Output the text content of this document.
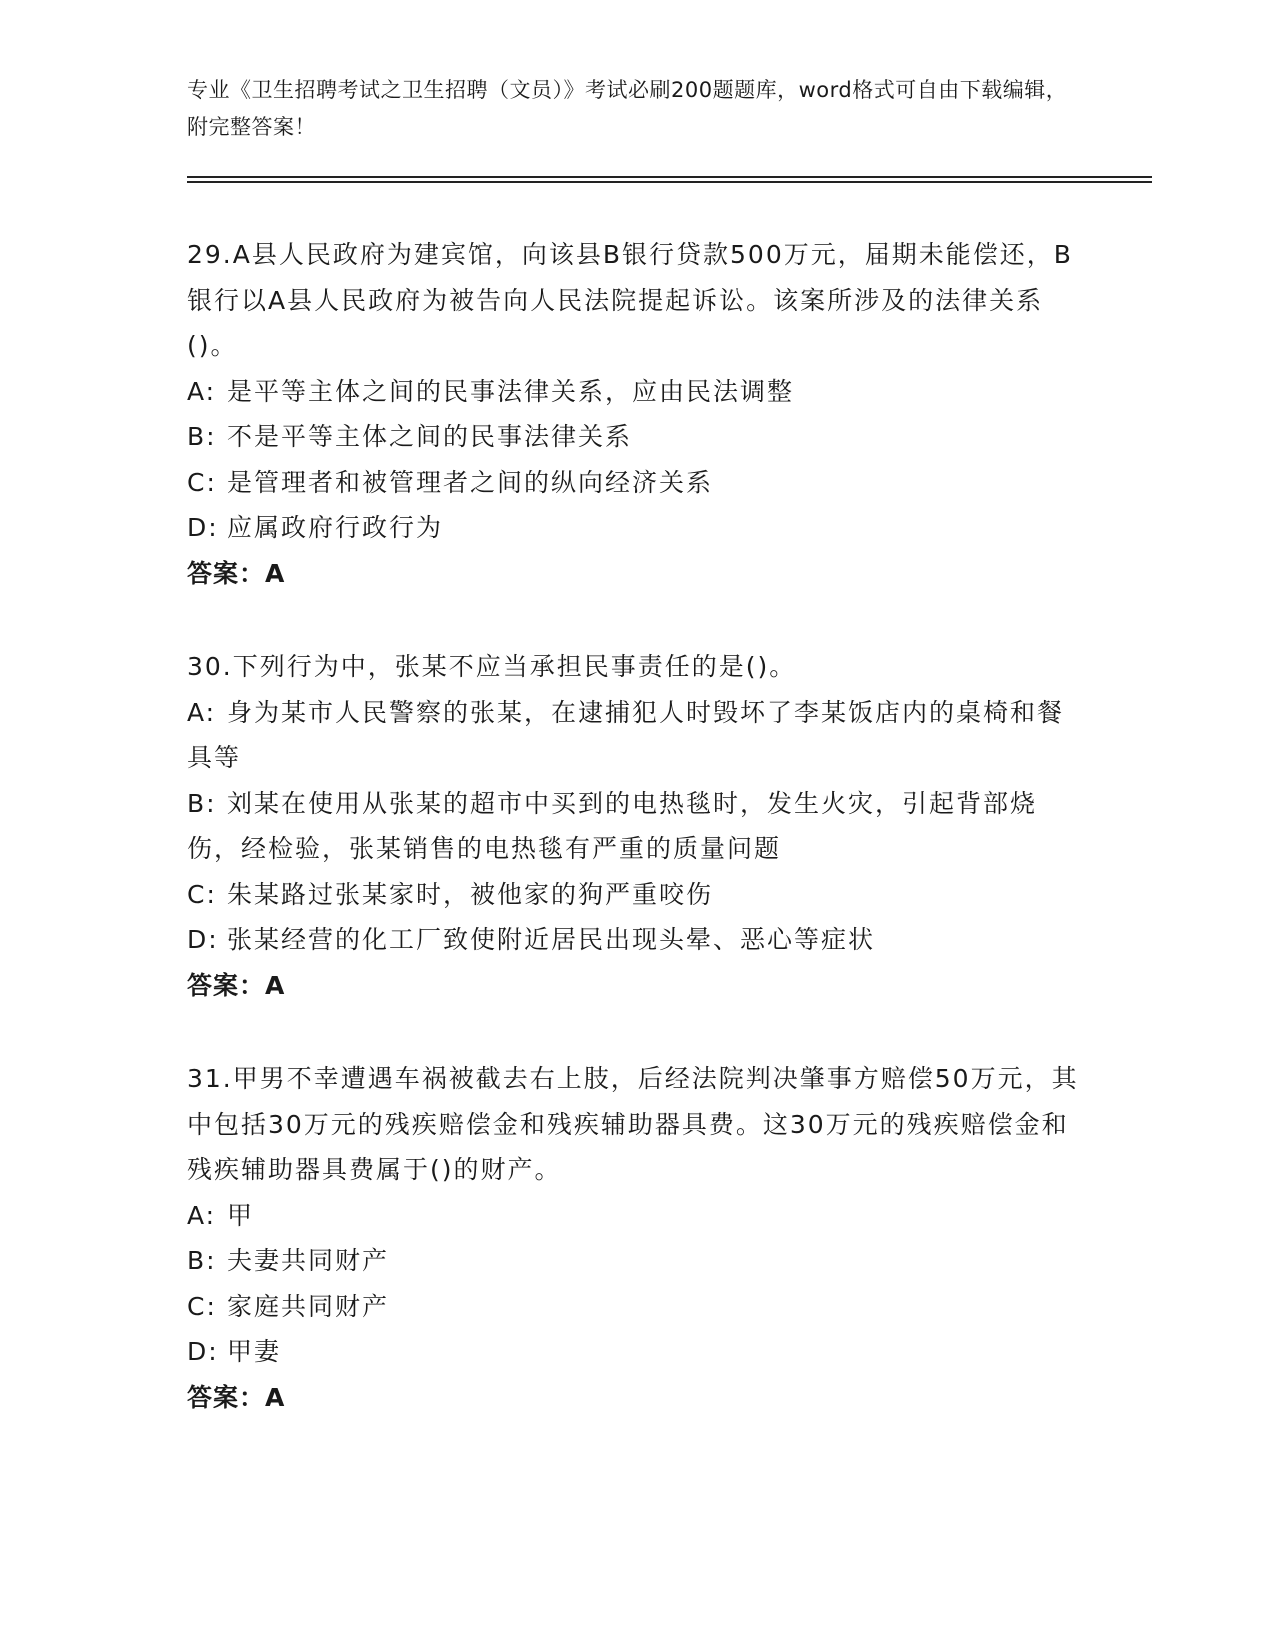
专业《卫生招聘考试之卫生招聘（文员）》考试必刷200题题库，word格式可自由下载编辑，附完整答案！

29.A县人民政府为建宾馆，向该县B银行贷款500万元，届期未能偿还，B银行以A县人民政府为被告向人民法院提起诉讼。该案所涉及的法律关系()。

A: 是平等主体之间的民事法律关系，应由民法调整

B: 不是平等主体之间的民事法律关系

C: 是管理者和被管理者之间的纵向经济关系

D: 应属政府行政行为

答案：A

30.下列行为中，张某不应当承担民事责任的是()。

A: 身为某市人民警察的张某，在逮捕犯人时毁坏了李某饭店内的桌椅和餐具等

B: 刘某在使用从张某的超市中买到的电热毯时，发生火灾，引起背部烧伤，经检验，张某销售的电热毯有严重的质量问题

C: 朱某路过张某家时，被他家的狗严重咬伤

D: 张某经营的化工厂致使附近居民出现头晕、恶心等症状

答案：A

31.甲男不幸遭遇车祸被截去右上肢，后经法院判决肇事方赔偿50万元，其中包括30万元的残疾赔偿金和残疾辅助器具费。这30万元的残疾赔偿金和残疾辅助器具费属于()的财产。

A: 甲

B: 夫妻共同财产

C: 家庭共同财产

D: 甲妻

答案：A
